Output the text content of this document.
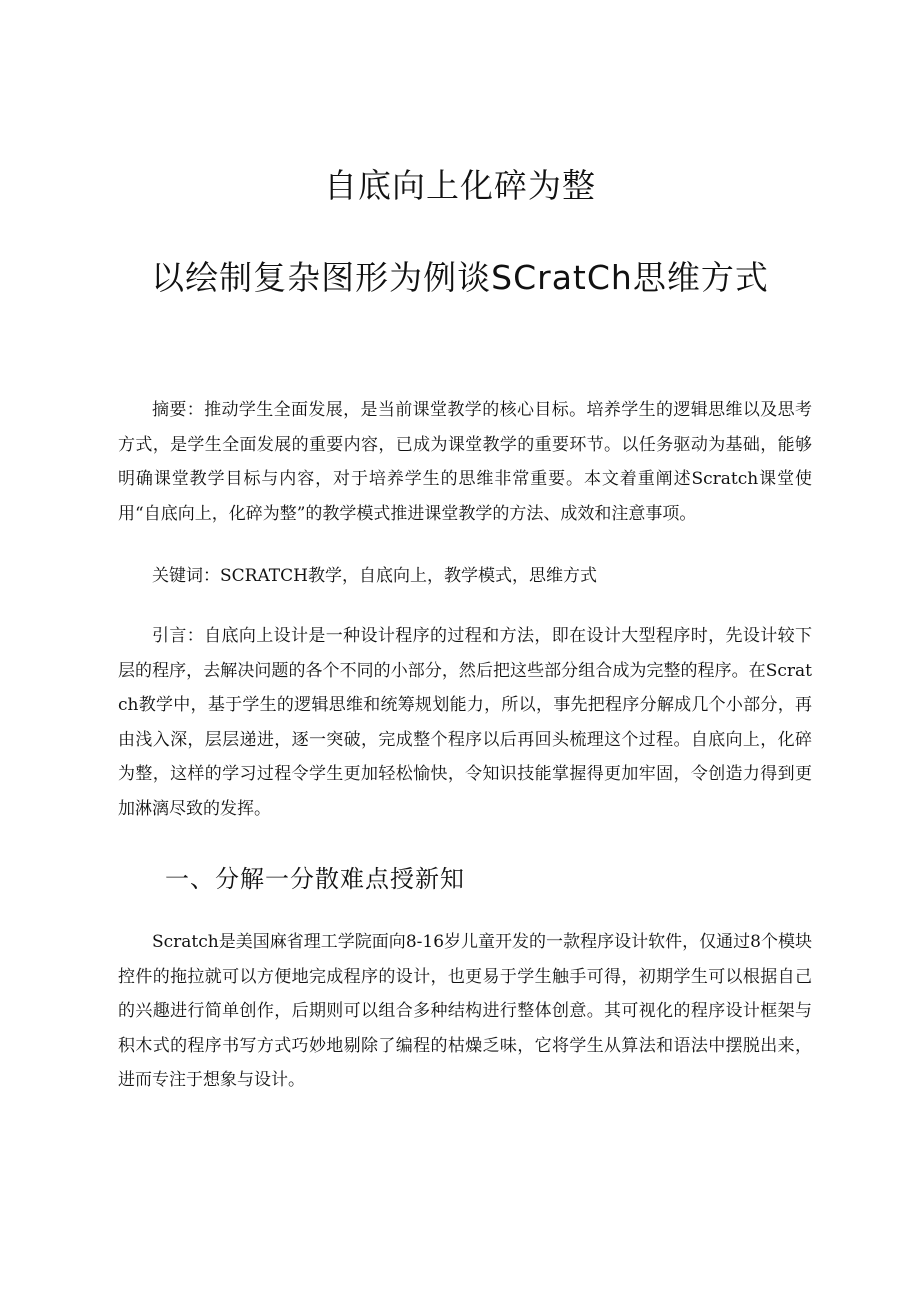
自底向上化碎为整
以绘制复杂图形为例谈SCratCh思维方式

摘要：推动学生全面发展，是当前课堂教学的核心目标。培养学生的逻辑思维以及思考方式，是学生全面发展的重要内容，已成为课堂教学的重要环节。以任务驱动为基础，能够明确课堂教学目标与内容，对于培养学生的思维非常重要。本文着重阐述Scratch课堂使用“自底向上，化碎为整”的教学模式推进课堂教学的方法、成效和注意事项。

关键词：SCRATCH教学，自底向上，教学模式，思维方式

引言：自底向上设计是一种设计程序的过程和方法，即在设计大型程序时，先设计较下层的程序，去解决问题的各个不同的小部分，然后把这些部分组合成为完整的程序。在Scratch教学中，基于学生的逻辑思维和统筹规划能力，所以，事先把程序分解成几个小部分，再由浅入深，层层递进，逐一突破，完成整个程序以后再回头梳理这个过程。自底向上，化碎为整，这样的学习过程令学生更加轻松愉快，令知识技能掌握得更加牢固，令创造力得到更加淋漓尽致的发挥。

一、分解一分散难点授新知

Scratch是美国麻省理工学院面向8-16岁儿童开发的一款程序设计软件，仅通过8个模块控件的拖拉就可以方便地完成程序的设计，也更易于学生触手可得，初期学生可以根据自己的兴趣进行简单创作，后期则可以组合多种结构进行整体创意。其可视化的程序设计框架与积木式的程序书写方式巧妙地剔除了编程的枯燥乏味，它将学生从算法和语法中摆脱出来，进而专注于想象与设计。
